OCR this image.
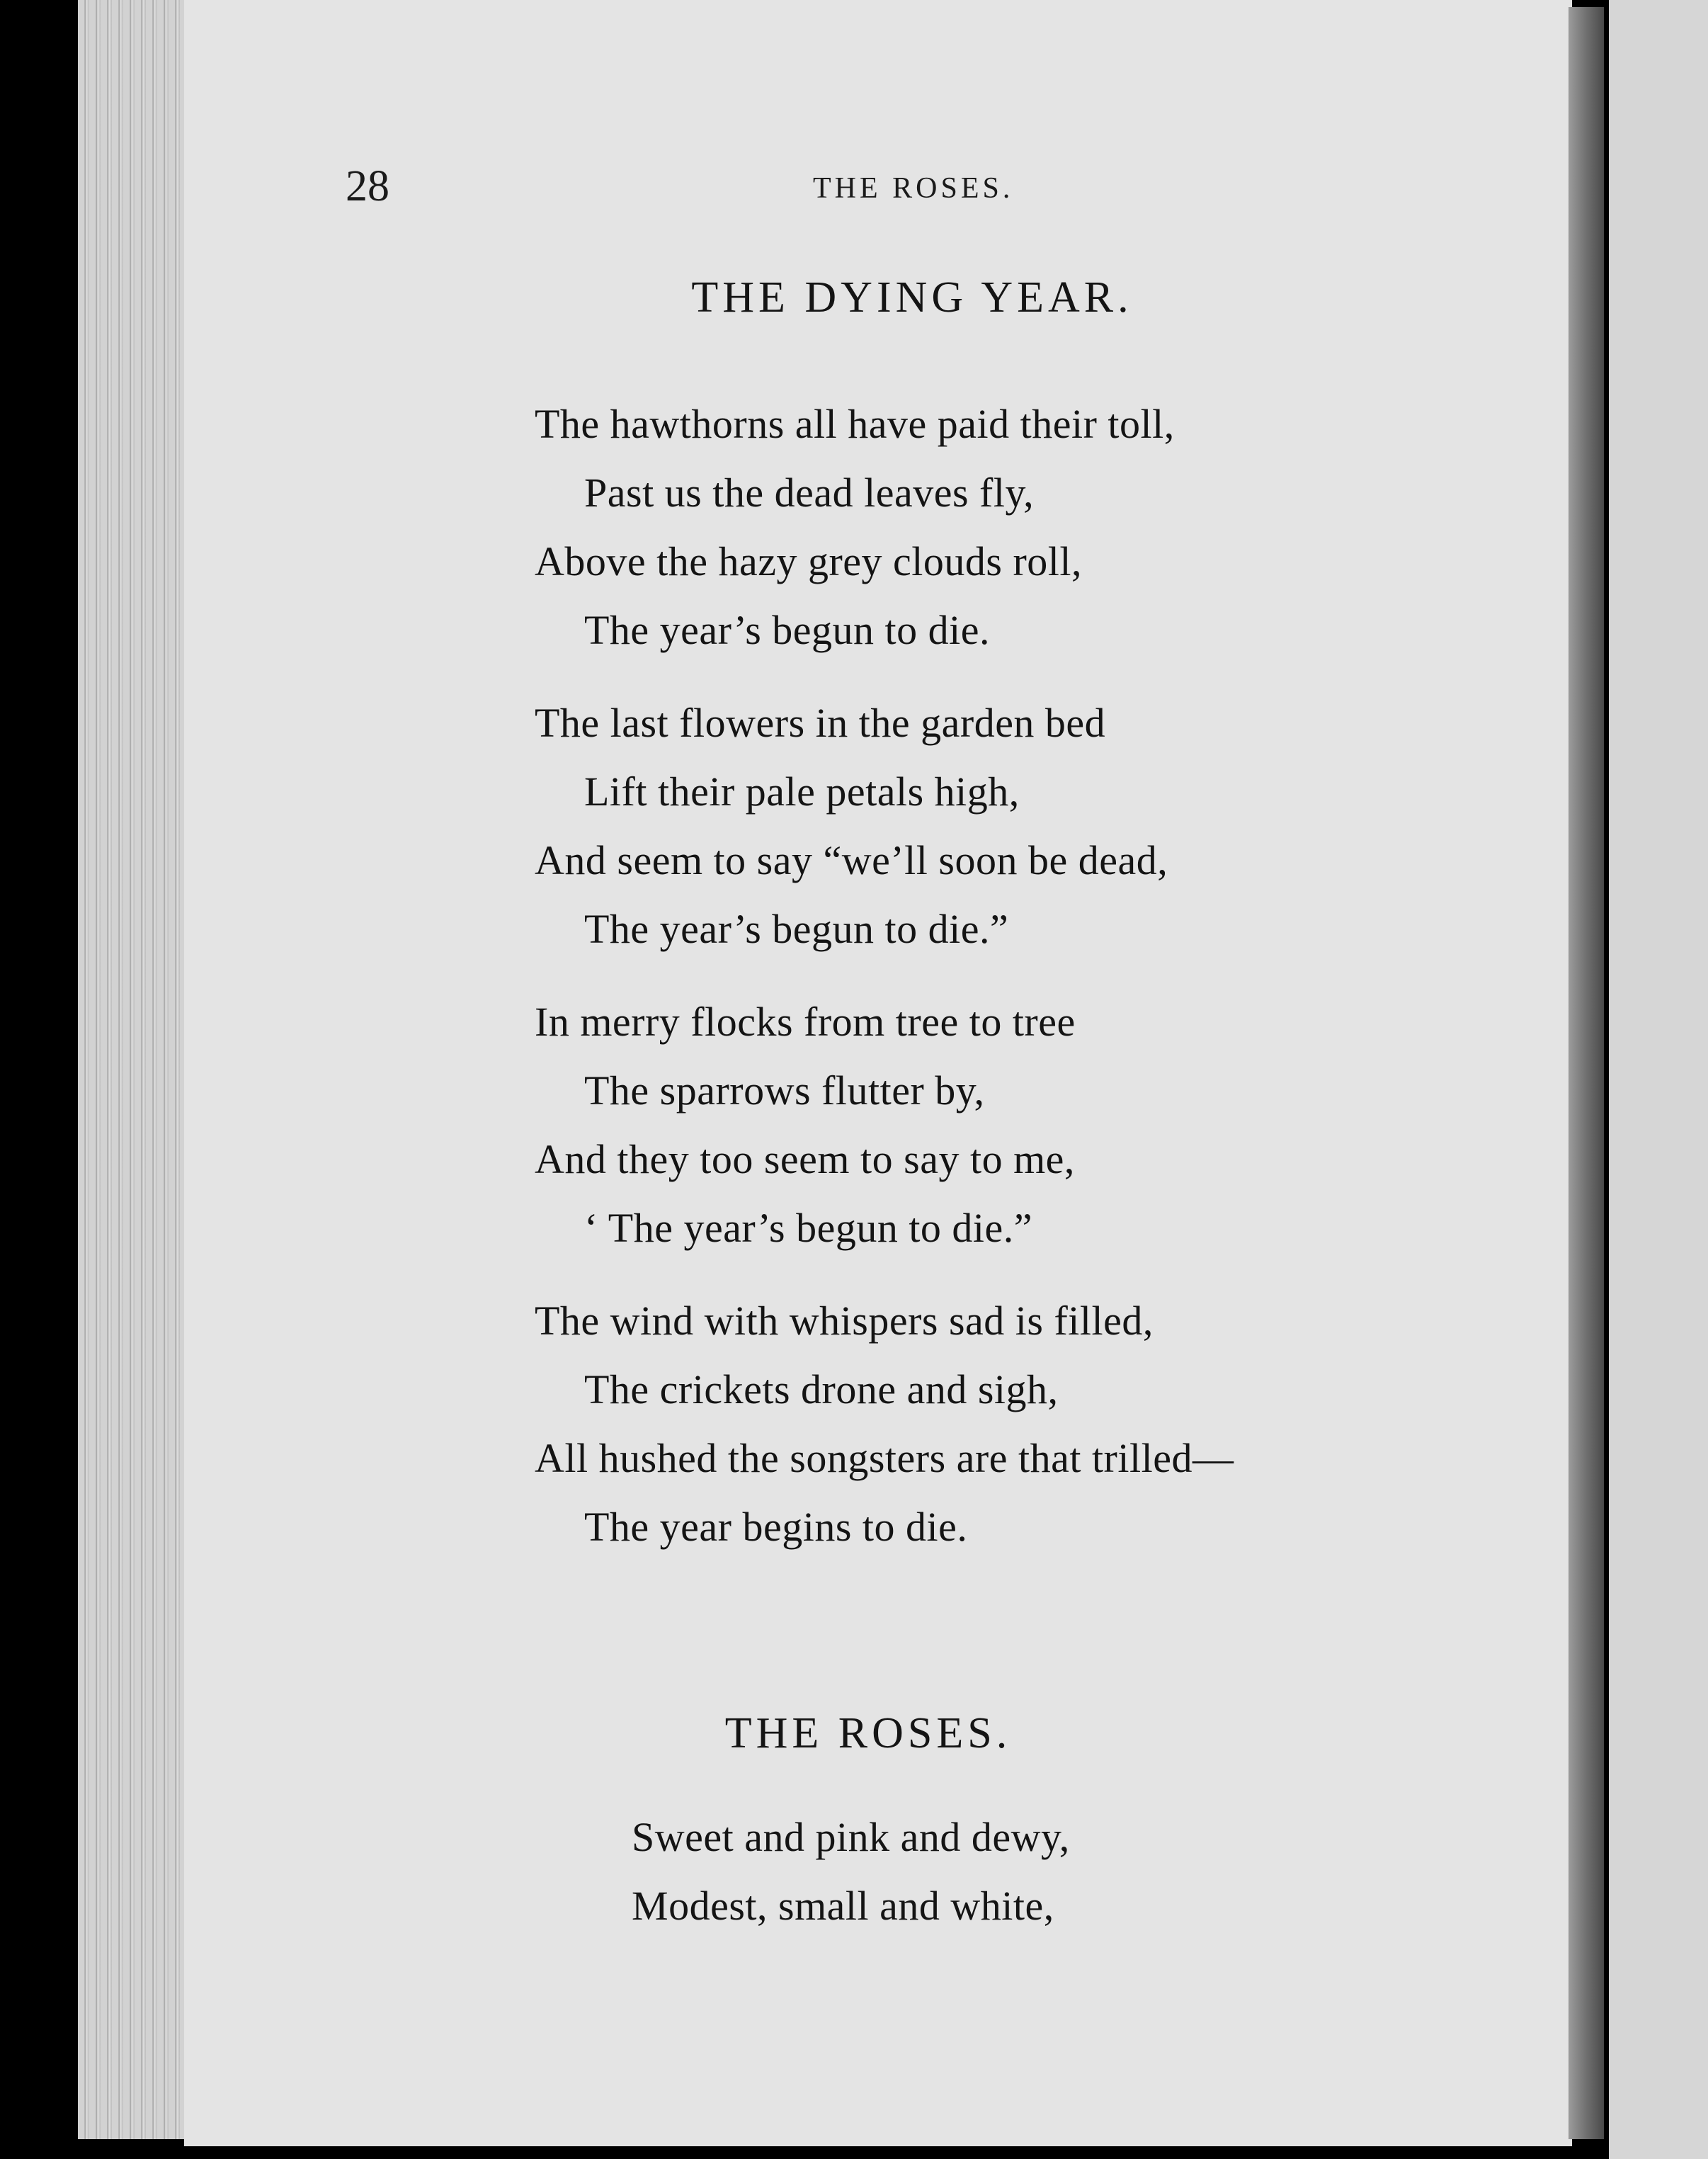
28	THE ROSES.
THE DYING YEAR.
The hawthorns all have paid their toll,
Past us the dead leaves fly,
Above the hazy grey clouds roll,
The year’s begun to die.
The last flowers in the garden bed
Lift their pale petals high,
And seem to say “we’ll soon be dead,
The year’s begun to die.”
In merry flocks from tree to tree
The sparrows flutter by,
And they too seem to say to me,
‘ The year’s begun to die.”
The wind with whispers sad is filled,
The crickets drone and sigh,
All hushed the songsters are that trilled—
The year begins to die.
THE ROSES.
Sweet and pink and dewy,
Modest, small and white,
